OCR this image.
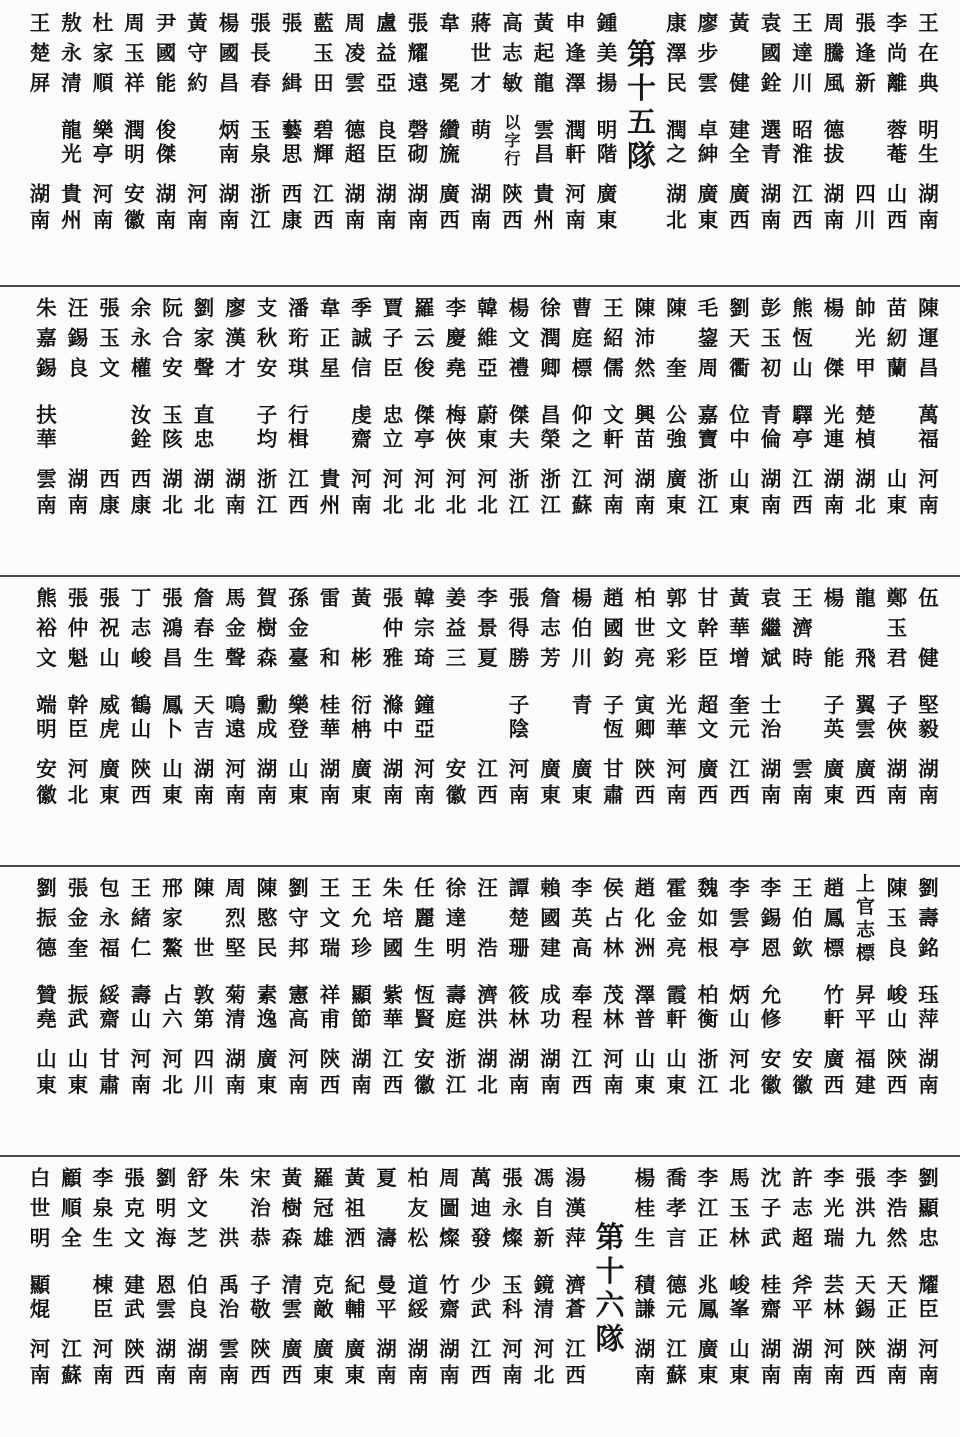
王
在
典
明
生
湖
南
李
尚
離
蓉
菴
山
西
張
逢
新
四
川
周
騰
風
德
拔
湖
南
王
達
川
昭
淮
江
西
袁
國
銓
選
青
湖
南
黃
健
建
全
廣
西
廖
步
雲
卓
紳
廣
東
康
澤
民
潤
之
湖
北
第
十
五
隊
鍾
美
揚
明
階
廣
東
申
逢
澤
潤
軒
河
南
黃
起
龍
雲
昌
貴
州
高
志
敏
以
字
行
陝
西
蔣
世
才
萌
湖
南
韋
冕
纘
旒
廣
西
張
耀
遠
磬
砌
湖
南
盧
益
亞
良
臣
湖
南
周
凌
雲
德
超
湖
南
藍
玉
田
碧
輝
江
西
張
緝
藝
思
西
康
張
長
春
玉
泉
浙
江
楊
國
昌
炳
南
湖
南
黃
守
約
河
南
尹
國
能
俊
傑
湖
南
周
玉
祥
潤
明
安
徽
杜
家
順
樂
亭
河
南
敖
永
清
龍
光
貴
州
王
楚
屏
湖
南
陳
運
昌
萬
福
河
南
苗
紉
蘭
山
東
帥
光
甲
楚
楨
湖
北
楊
傑
光
連
湖
南
熊
恆
山
驛
亭
江
西
彭
玉
初
青
倫
湖
南
劉
天
衢
位
中
山
東
毛
鋆
周
嘉
寶
浙
江
陳
奎
公
強
廣
東
陳
沛
然
興
苗
湖
南
王
紹
儒
文
軒
河
南
曹
庭
標
仰
之
江
蘇
徐
潤
卿
昌
榮
浙
江
楊
文
禮
傑
夫
浙
江
韓
維
亞
蔚
東
河
北
李
慶
堯
梅
俠
河
北
羅
云
俊
傑
亭
河
北
賈
子
臣
忠
立
河
北
季
誠
信
虔
齋
河
南
韋
正
星
貴
州
潘
珩
琪
行
楫
江
西
支
秋
安
子
均
浙
江
廖
漢
才
湖
南
劉
家
聲
直
忠
湖
北
阮
合
安
玉
陔
湖
北
余
永
權
汝
銓
西
康
張
玉
文
西
康
汪
錫
良
湖
南
朱
嘉
錫
扶
華
雲
南
伍
健
堅
毅
湖
南
鄭
玉
君
子
俠
湖
南
龍
飛
翼
雲
廣
西
楊
能
子
英
廣
東
王
濟
時
雲
南
袁
繼
斌
士
治
湖
南
黃
華
增
奎
元
江
西
甘
幹
臣
超
文
廣
西
郭
文
彩
光
華
河
南
柏
世
亮
寅
卿
陝
西
趙
國
鈞
子
恆
甘
肅
楊
伯
川
青
廣
東
詹
志
芳
廣
東
張
得
勝
子
陰
河
南
李
景
夏
江
西
姜
益
三
安
徽
韓
宗
琦
鐘
亞
河
南
張
仲
雅
滌
中
湖
南
黃
彬
衍
柟
廣
東
雷
和
桂
華
湖
南
孫
金
臺
樂
登
山
東
賀
樹
森
勳
成
湖
南
馬
金
聲
鳴
遠
河
南
詹
春
生
天
吉
湖
南
張
鴻
昌
鳳
卜
山
東
丁
志
峻
鶴
山
陝
西
張
祝
山
威
虎
廣
東
張
仲
魁
幹
臣
河
北
熊
裕
文
端
明
安
徽
劉
壽
銘
珏
萍
湖
南
陳
玉
良
峻
山
陝
西
上
官
志
標
昇
平
福
建
趙
鳳
標
竹
軒
廣
西
王
伯
欽
安
徽
李
錫
恩
允
修
安
徽
李
雲
亭
炳
山
河
北
魏
如
根
柏
衡
浙
江
霍
金
亮
霞
軒
山
東
趙
化
洲
澤
普
山
東
侯
占
林
茂
林
河
南
李
英
高
奉
程
江
西
賴
國
建
成
功
湖
南
譚
楚
珊
筱
林
湖
南
汪
浩
濟
洪
湖
北
徐
達
明
壽
庭
浙
江
任
麗
生
恆
賢
安
徽
朱
培
國
紫
華
江
西
王
允
珍
顯
節
湖
南
王
文
瑞
祥
甫
陝
西
劉
守
邦
憲
高
河
南
陳
愍
民
素
逸
廣
東
周
烈
堅
菊
清
湖
南
陳
世
敦
第
四
川
邢
家
鰲
占
六
河
北
王
緒
仁
壽
山
河
南
包
永
福
綏
齋
甘
肅
張
金
奎
振
武
山
東
劉
振
德
贊
堯
山
東
劉
顯
忠
耀
臣
河
南
李
浩
然
天
正
湖
南
張
洪
九
天
錫
陝
西
李
光
瑞
芸
林
河
南
許
志
超
斧
平
湖
南
沈
子
武
桂
齋
湖
南
馬
玉
林
峻
峯
山
東
李
江
正
兆
鳳
廣
東
喬
孝
言
德
元
江
蘇
楊
桂
生
積
謙
湖
南
第
十
六
隊
湯
漢
萍
濟
蒼
江
西
馮
自
新
鏡
清
河
北
張
永
燦
玉
科
河
南
萬
迪
發
少
武
江
西
周
圖
燦
竹
齋
湖
南
柏
友
松
道
綏
湖
南
夏
濤
曼
平
湖
南
黃
祖
洒
紀
輔
廣
東
羅
冠
雄
克
敵
廣
東
黃
樹
森
清
雲
廣
西
宋
治
恭
子
敬
陝
西
朱
洪
禹
治
雲
南
舒
文
芝
伯
良
湖
南
劉
明
海
恩
雲
湖
南
張
克
文
建
武
陝
西
李
泉
生
棟
臣
河
南
顧
順
全
江
蘇
白
世
明
顯
焜
河
南
